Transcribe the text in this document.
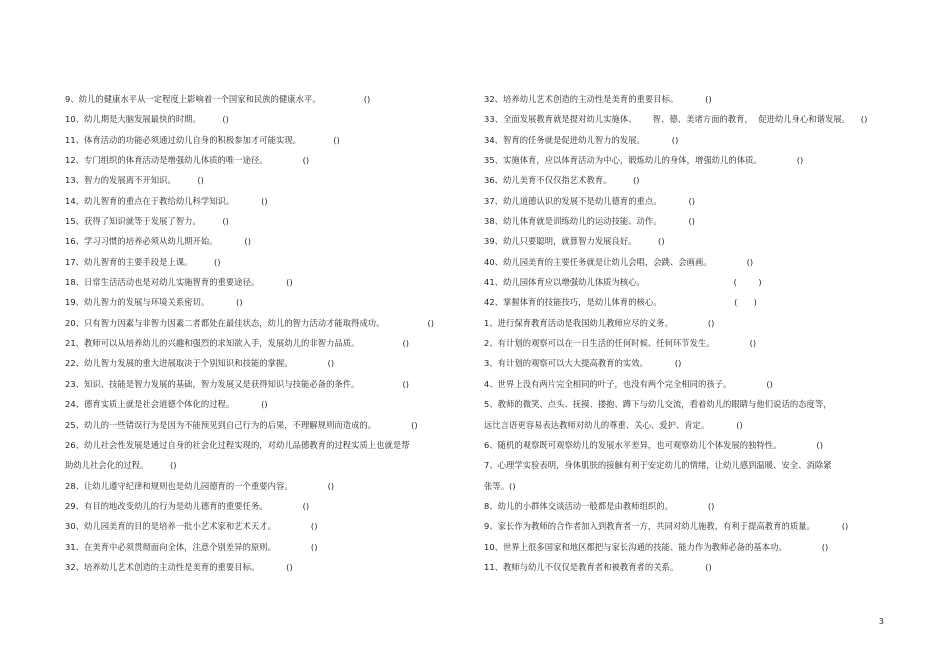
9、幼儿的健康水平从一定程度上影响着一个国家和民族的健康水平。                ()
10、幼儿期是大脑发展最快的时期。        ()
11、体育活动的功能必须通过幼儿自身的积极参加才可能实现。            ()
12、专门组织的体育活动是增强幼儿体质的唯一途径。             ()
13、智力的发展离不开知识。        ()
14、幼儿智育的重点在于教给幼儿科学知识。          ()
15、获得了知识就等于发展了智力。        ()
16、学习习惯的培养必须从幼儿期开始。          ()
17、幼儿智育的主要手段是上课。        ()
18、日常生活活动也是对幼儿实施智育的重要途径。          ()
19、幼儿智力的发展与环境关系密切。          ()
20、只有智力因素与非智力因素二者都处在最佳状态，幼儿的智力活动才能取得成功。                ()
21、教师可以从培养幼儿的兴趣和强烈的求知欲入手，发展幼儿的非智力品质。                ()
22、幼儿智力发展的重大进展取决于个别知识和技能的掌握。             ()
23、知识、技能是智力发展的基础，智力发展又是获得知识与技能必备的条件。                ()
24、德育实质上就是社会道德个体化的过程。          ()
25、幼儿的一些错误行为是因为不能预见到自己行为的后果，不理解规则而造成的。             ()
26、幼儿社会性发展是通过自身的社会化过程实现的，对幼儿品德教育的过程实质上也就是帮
助幼儿社会化的过程。        ()
28、让幼儿遵守纪律和规则也是幼儿园德育的一个重要内容。             ()
29、有目的地改变幼儿的行为是幼儿德育的重要任务。             ()
30、幼儿园美育的目的是培养一批小艺术家和艺术天才。             ()
31、在美育中必须贯彻面向全体，注意个别差异的原则。             ()
32、培养幼儿艺术创造的主动性是美育的重要目标。          ()
32、培养幼儿艺术创造的主动性是美育的重要目标。          ()
33、全面发展教育就是提对幼儿实施体、      智、德、美诸方面的教育，  促进幼儿身心和谐发展。    ()
34、智育的任务就是促进幼儿智力的发展。          ()
35、实施体育，应以体育活动为中心，锻炼幼儿的身体，增强幼儿的体质。             ()
36、幼儿美育不仅仅指艺术教育。        ()
37、幼儿道德认识的发展不是幼儿德育的重点。          ()
38、幼儿体育就是训练幼儿的运动技能、动作。          ()
39、幼儿只要聪明，就算智力发展良好。        ()
40、幼儿园美育的主要任务就是让幼儿会唱，会跳、会画画。             ()
41、幼儿园体育应以增强幼儿体质为核心。                                 (        )
42、掌握体育的技能技巧，是幼儿体育的核心。                           (      )
1、进行保育教育活动是我国幼儿教师应尽的义务。             ()
2、有计划的观察可以在一日生活的任何时候、任何环节发生。             ()
3、有计划的观察可以大大提高教育的实效。          ()
4、世界上没有两片完全相同的叶子，也没有两个完全相同的孩子。             ()
5、教师的微笑、点头、抚摸、搂抱、蹲下与幼儿交流，看着幼儿的眼睛与他们说话的态度等，
远比言语更容易表达教师对幼儿的尊重、关心、爱护、肯定。          ()
6、随机的观察既可观察幼儿的发展水平差异，也可观察幼儿个体发展的独特性。             ()
7、心理学实验表明，身体肌肤的接触有利于安定幼儿的情绪，让幼儿感到温暖、安全、消除紧
张等。()
8、幼儿的小群体交谈活动一般都是由教师组织的。             ()
9、家长作为教师的合作者加入到教育者一方，共同对幼儿施教，有利于提高教育的质量。          ()
10、世界上很多国家和地区都把与家长沟通的技能、能力作为教师必备的基本功。             ()
11、教师与幼儿不仅仅是教育者和被教育者的关系。          ()
3
